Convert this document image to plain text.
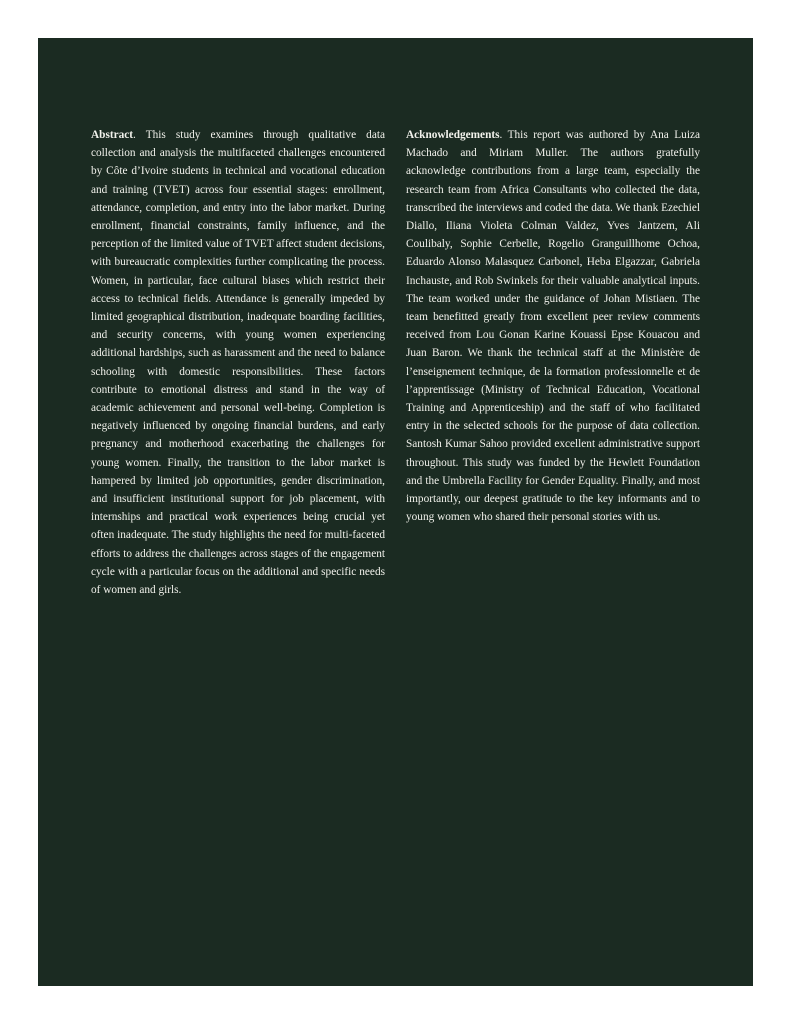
Abstract. This study examines through qualitative data collection and analysis the multifaceted challenges encountered by Côte d’Ivoire students in technical and vocational education and training (TVET) across four essential stages: enrollment, attendance, completion, and entry into the labor market. During enrollment, financial constraints, family influence, and the perception of the limited value of TVET affect student decisions, with bureaucratic complexities further complicating the process. Women, in particular, face cultural biases which restrict their access to technical fields. Attendance is generally impeded by limited geographical distribution, inadequate boarding facilities, and security concerns, with young women experiencing additional hardships, such as harassment and the need to balance schooling with domestic responsibilities. These factors contribute to emotional distress and stand in the way of academic achievement and personal well-being. Completion is negatively influenced by ongoing financial burdens, and early pregnancy and motherhood exacerbating the challenges for young women. Finally, the transition to the labor market is hampered by limited job opportunities, gender discrimination, and insufficient institutional support for job placement, with internships and practical work experiences being crucial yet often inadequate. The study highlights the need for multi-faceted efforts to address the challenges across stages of the engagement cycle with a particular focus on the additional and specific needs of women and girls.
Acknowledgements. This report was authored by Ana Luiza Machado and Miriam Muller. The authors gratefully acknowledge contributions from a large team, especially the research team from Africa Consultants who collected the data, transcribed the interviews and coded the data. We thank Ezechiel Diallo, Iliana Violeta Colman Valdez, Yves Jantzem, Ali Coulibaly, Sophie Cerbelle, Rogelio Granguillhome Ochoa, Eduardo Alonso Malasquez Carbonel, Heba Elgazzar, Gabriela Inchauste, and Rob Swinkels for their valuable analytical inputs. The team worked under the guidance of Johan Mistiaen. The team benefitted greatly from excellent peer review comments received from Lou Gonan Karine Kouassi Epse Kouacou and Juan Baron. We thank the technical staff at the Ministère de l’enseignement technique, de la formation professionnelle et de l’apprentissage (Ministry of Technical Education, Vocational Training and Apprenticeship) and the staff of who facilitated entry in the selected schools for the purpose of data collection. Santosh Kumar Sahoo provided excellent administrative support throughout. This study was funded by the Hewlett Foundation and the Umbrella Facility for Gender Equality. Finally, and most importantly, our deepest gratitude to the key informants and to young women who shared their personal stories with us.
